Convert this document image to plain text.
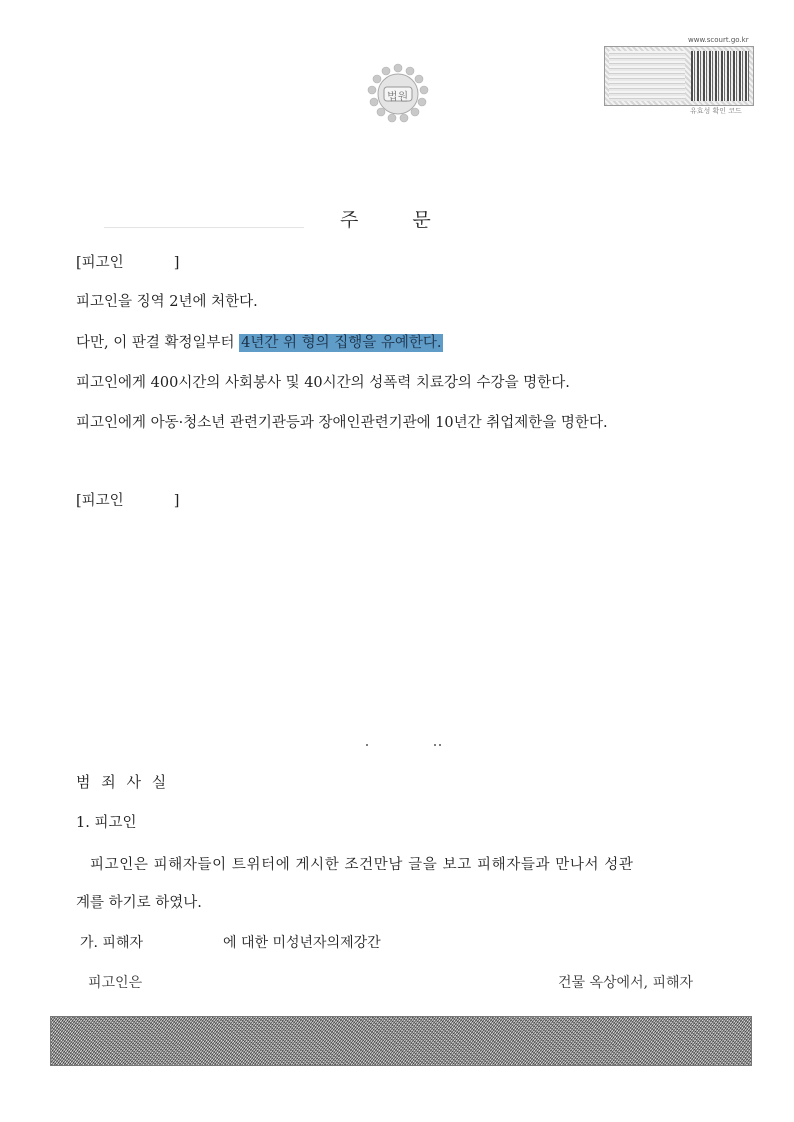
법원
www.scourt.go.kr
유효성 확인 코드
주	문
[피고인	]
피고인을 징역 2년에 처한다.
다만, 이 판결 확정일부터 4년간 위 형의 집행을 유예한다.
피고인에게 400시간의 사회봉사 및 40시간의 성폭력 치료강의 수강을 명한다.
피고인에게 아동·청소년 관련기관등과 장애인관련기관에 10년간 취업제한을 명한다.
[피고인	]
범 죄 사 실
1. 피고인
피고인은 피해자들이 트위터에 게시한 조건만남 글을 보고 피해자들과 만나서 성관
계를 하기로 하였나.
가. 피해자	에 대한 미성년자의제강간
피고인은	건물 옥상에서, 피해자
